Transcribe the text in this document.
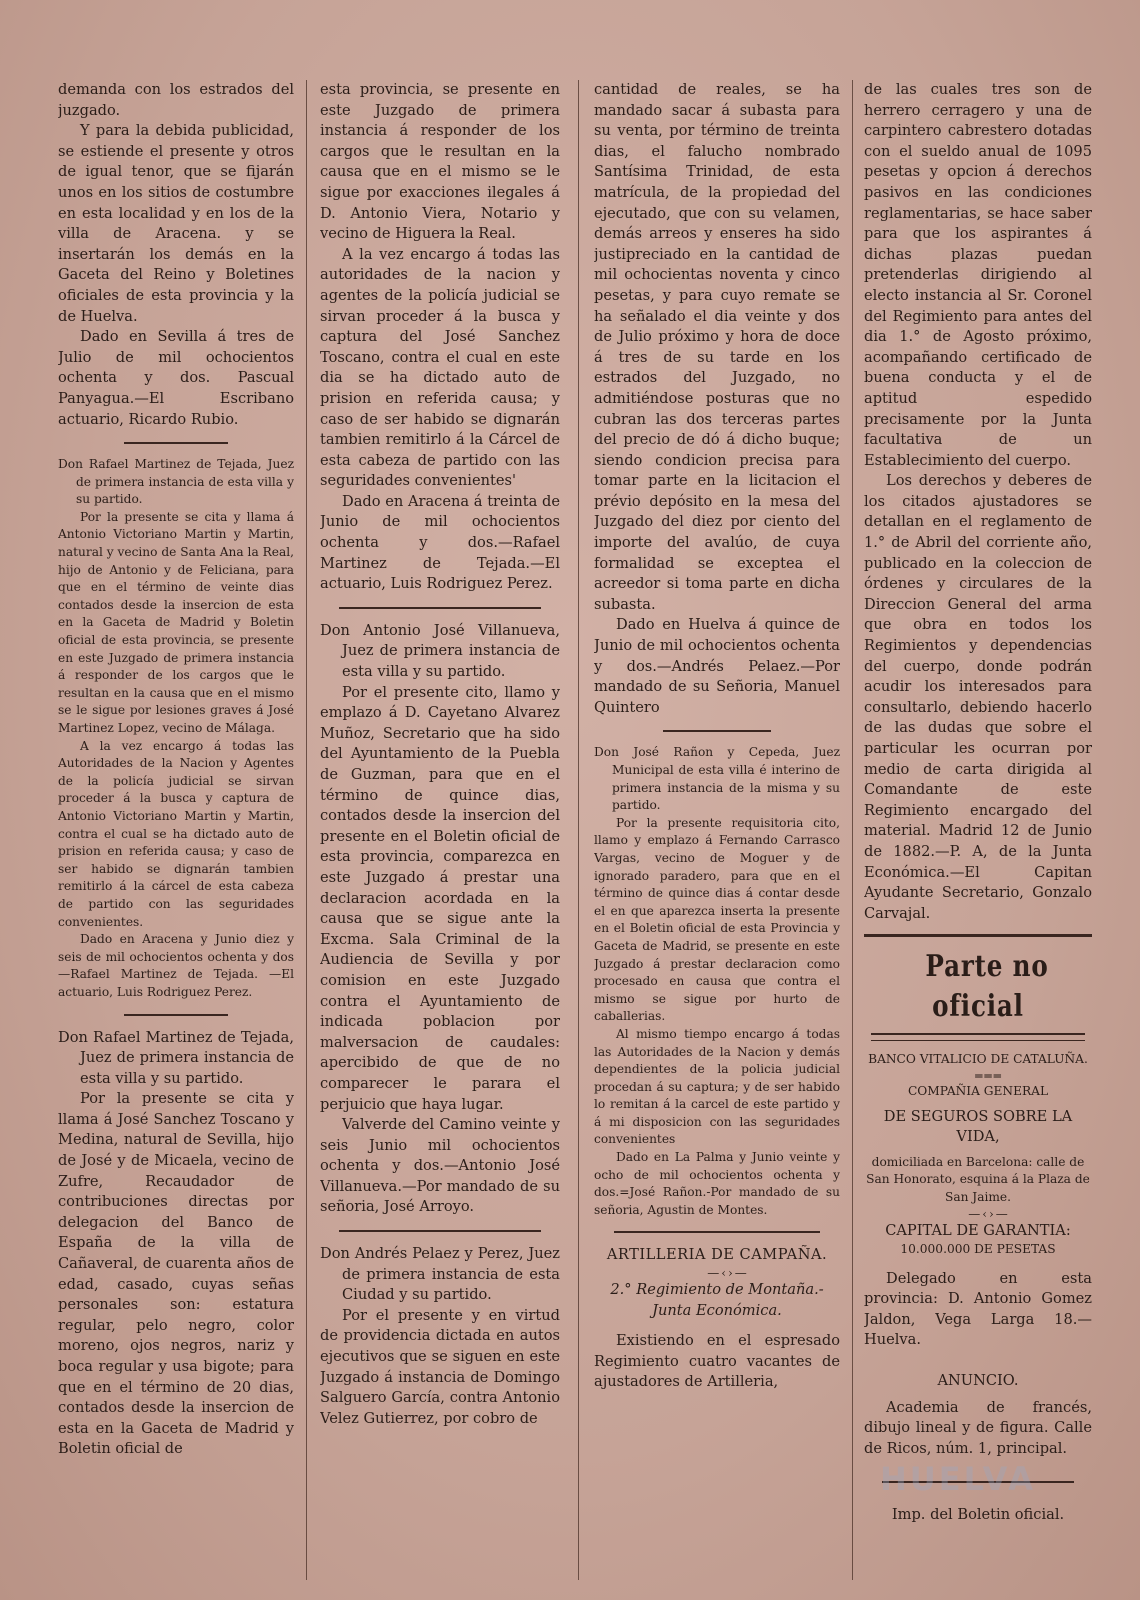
demanda con los estrados del juzgado.

Y para la debida publicidad, se estiende el presente y otros de igual tenor, que se fijarán unos en los sitios de costumbre en esta localidad y en los de la villa de Aracena. y se insertarán los demás en la Gaceta del Reino y Boletines oficiales de esta provincia y la de Huelva.

Dado en Sevilla á tres de Julio de mil ochocientos ochenta y dos. Pascual Panyagua.—El Escribano actuario, Ricardo Rubio.

Don Rafael Martinez de Tejada, Juez de primera instancia de esta villa y su partido.

Por la presente se cita y llama á Antonio Victoriano Martin y Martin, natural y vecino de Santa Ana la Real, hijo de Antonio y de Feliciana, para que en el término de veinte dias contados desde la insercion de esta en la Gaceta de Madrid y Boletin oficial de esta provincia, se presente en este Juzgado de primera instancia á responder de los cargos que le resultan en la causa que en el mismo se le sigue por lesiones graves á José Martinez Lopez, vecino de Málaga.

A la vez encargo á todas las Autoridades de la Nacion y Agentes de la policía judicial se sirvan proceder á la busca y captura de Antonio Victoriano Martin y Martin, contra el cual se ha dictado auto de prision en referida causa; y caso de ser habido se dignarán tambien remitirlo á la cárcel de esta cabeza de partido con las seguridades convenientes.

Dado en Aracena y Junio diez y seis de mil ochocientos ochenta y dos —Rafael Martinez de Tejada. —El actuario, Luis Rodriguez Perez.

Don Rafael Martinez de Tejada, Juez de primera instancia de esta villa y su partido.

Por la presente se cita y llama á José Sanchez Toscano y Medina, natural de Sevilla, hijo de José y de Micaela, vecino de Zufre, Recaudador de contribuciones directas por delegacion del Banco de España de la villa de Cañaveral, de cuarenta años de edad, casado, cuyas señas personales son: estatura regular, pelo negro, color moreno, ojos negros, nariz y boca regular y usa bigote; para que en el término de 20 dias, contados desde la insercion de esta en la Gaceta de Madrid y Boletin oficial de

esta provincia, se presente en este Juzgado de primera instancia á responder de los cargos que le resultan en la causa que en el mismo se le sigue por exacciones ilegales á D. Antonio Viera, Notario y vecino de Higuera la Real.

A la vez encargo á todas las autoridades de la nacion y agentes de la policía judicial se sirvan proceder á la busca y captura del José Sanchez Toscano, contra el cual en este dia se ha dictado auto de prision en referida causa; y caso de ser habido se dignarán tambien remitirlo á la Cárcel de esta cabeza de partido con las seguridades convenientes'

Dado en Aracena á treinta de Junio de mil ochocientos ochenta y dos.—Rafael Martinez de Tejada.—El actuario, Luis Rodriguez Perez.

Don Antonio José Villanueva, Juez de primera instancia de esta villa y su partido.

Por el presente cito, llamo y emplazo á D. Cayetano Alvarez Muñoz, Secretario que ha sido del Ayuntamiento de la Puebla de Guzman, para que en el término de quince dias, contados desde la insercion del presente en el Boletin oficial de esta provincia, comparezca en este Juzgado á prestar una declaracion acordada en la causa que se sigue ante la Excma. Sala Criminal de la Audiencia de Sevilla y por comision en este Juzgado contra el Ayuntamiento de indicada poblacion por malversacion de caudales: apercibido de que de no comparecer le parara el perjuicio que haya lugar.

Valverde del Camino veinte y seis Junio mil ochocientos ochenta y dos.—Antonio José Villanueva.—Por mandado de su señoria, José Arroyo.

Don Andrés Pelaez y Perez, Juez de primera instancia de esta Ciudad y su partido.

Por el presente y en virtud de providencia dictada en autos ejecutivos que se siguen en este Juzgado á instancia de Domingo Salguero García, contra Antonio Velez Gutierrez, por cobro de

cantidad de reales, se ha mandado sacar á subasta para su venta, por término de treinta dias, el falucho nombrado Santísima Trinidad, de esta matrícula, de la propiedad del ejecutado, que con su velamen, demás arreos y enseres ha sido justipreciado en la cantidad de mil ochocientas noventa y cinco pesetas, y para cuyo remate se ha señalado el dia veinte y dos de Julio próximo y hora de doce á tres de su tarde en los estrados del Juzgado, no admitiéndose posturas que no cubran las dos terceras partes del precio de dó á dicho buque; siendo condicion precisa para tomar parte en la licitacion el prévio depósito en la mesa del Juzgado del diez por ciento del importe del avalúo, de cuya formalidad se exceptea el acreedor si toma parte en dicha subasta.

Dado en Huelva á quince de Junio de mil ochocientos ochenta y dos.—Andrés Pelaez.—Por mandado de su Señoria, Manuel Quintero

Don José Rañon y Cepeda, Juez Municipal de esta villa é interino de primera instancia de la misma y su partido.

Por la presente requisitoria cito, llamo y emplazo á Fernando Carrasco Vargas, vecino de Moguer y de ignorado paradero, para que en el término de quince dias á contar desde el en que aparezca inserta la presente en el Boletin oficial de esta Provincia y Gaceta de Madrid, se presente en este Juzgado á prestar declaracion como procesado en causa que contra el mismo se sigue por hurto de caballerias.

Al mismo tiempo encargo á todas las Autoridades de la Nacion y demás dependientes de la policia judicial procedan á su captura; y de ser habido lo remitan á la carcel de este partido y á mi disposicion con las seguridades convenientes

Dado en La Palma y Junio veinte y ocho de mil ochocientos ochenta y dos.=José Rañon.-Por mandado de su señoria, Agustin de Montes.

ARTILLERIA DE CAMPAÑA.

—‹›—

2.° Regimiento de Montaña.-Junta Económica.

Existiendo en el espresado Regimiento cuatro vacantes de ajustadores de Artilleria,

de las cuales tres son de herrero cerragero y una de carpintero cabrestero dotadas con el sueldo anual de 1095 pesetas y opcion á derechos pasivos en las condiciones reglamentarias, se hace saber para que los aspirantes á dichas plazas puedan pretenderlas dirigiendo al electo instancia al Sr. Coronel del Regimiento para antes del dia 1.° de Agosto próximo, acompañando certificado de buena conducta y el de aptitud espedido precisamente por la Junta facultativa de un Establecimiento del cuerpo.

Los derechos y deberes de los citados ajustadores se detallan en el reglamento de 1.° de Abril del corriente año, publicado en la coleccion de órdenes y circulares de la Direccion General del arma que obra en todos los Regimientos y dependencias del cuerpo, donde podrán acudir los interesados para consultarlo, debiendo hacerlo de las dudas que sobre el particular les ocurran por medio de carta dirigida al Comandante de este Regimiento encargado del material. Madrid 12 de Junio de 1882.—P. A, de la Junta Económica.—El Capitan Ayudante Secretario, Gonzalo Carvajal.

Parte no oficial

BANCO VITALICIO DE CATALUÑA.

═══

COMPAÑIA GENERAL

DE SEGUROS SOBRE LA VIDA,

domiciliada en Barcelona: calle de San Honorato, esquina á la Plaza de San Jaime.

—‹›—

CAPITAL DE GARANTIA:

10.000.000 DE PESETAS

Delegado en esta provincia: D. Antonio Gomez Jaldon, Vega Larga 18.—Huelva.

ANUNCIO.

Academia de francés, dibujo lineal y de figura. Calle de Ricos, núm. 1, principal.

Imp. del Boletin oficial.

HUELVA
